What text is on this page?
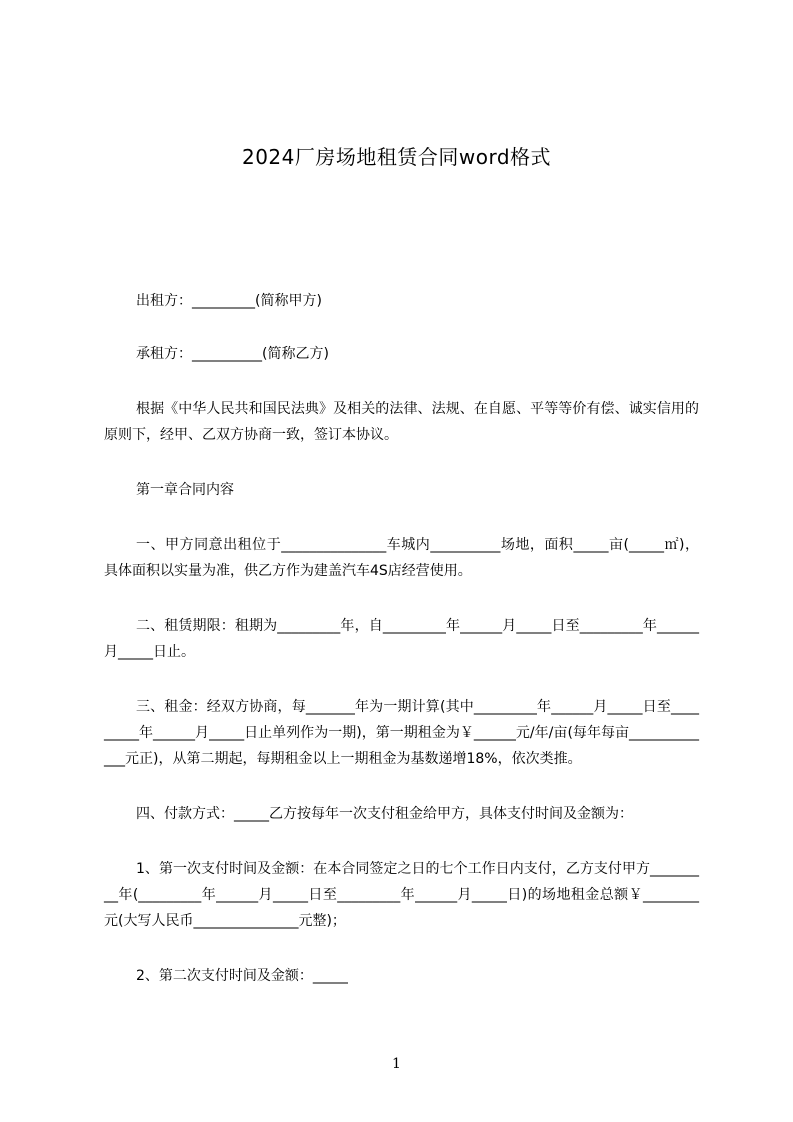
2024厂房场地租赁合同word格式

出租方：_________(简称甲方)

承租方：__________(简称乙方)

根据《中华人民共和国民法典》及相关的法律、法规、在自愿、平等等价有偿、诚实信用的原则下，经甲、乙双方协商一致，签订本协议。

第一章合同内容

一、甲方同意出租位于_______________车城内__________场地，面积_____亩(_____㎡)，具体面积以实量为准，供乙方作为建盖汽车4S店经营使用。

二、租赁期限：租期为_________年，自_________年______月_____日至_________年______月_____日止。

三、租金：经双方协商，每_______年为一期计算(其中_________年______月_____日至_________年______月_____日止单列作为一期)，第一期租金为￥______元/年/亩(每年每亩_____________元正)，从第二期起，每期租金以上一期租金为基数递增18%，依次类推。

四、付款方式：_____乙方按每年一次支付租金给甲方，具体支付时间及金额为：

1、第一次支付时间及金额：在本合同签定之日的七个工作日内支付，乙方支付甲方_________年(_________年______月_____日至_________年______月_____日)的场地租金总额￥________元(大写人民币_______________元整)；

2、第二次支付时间及金额：_____

1
